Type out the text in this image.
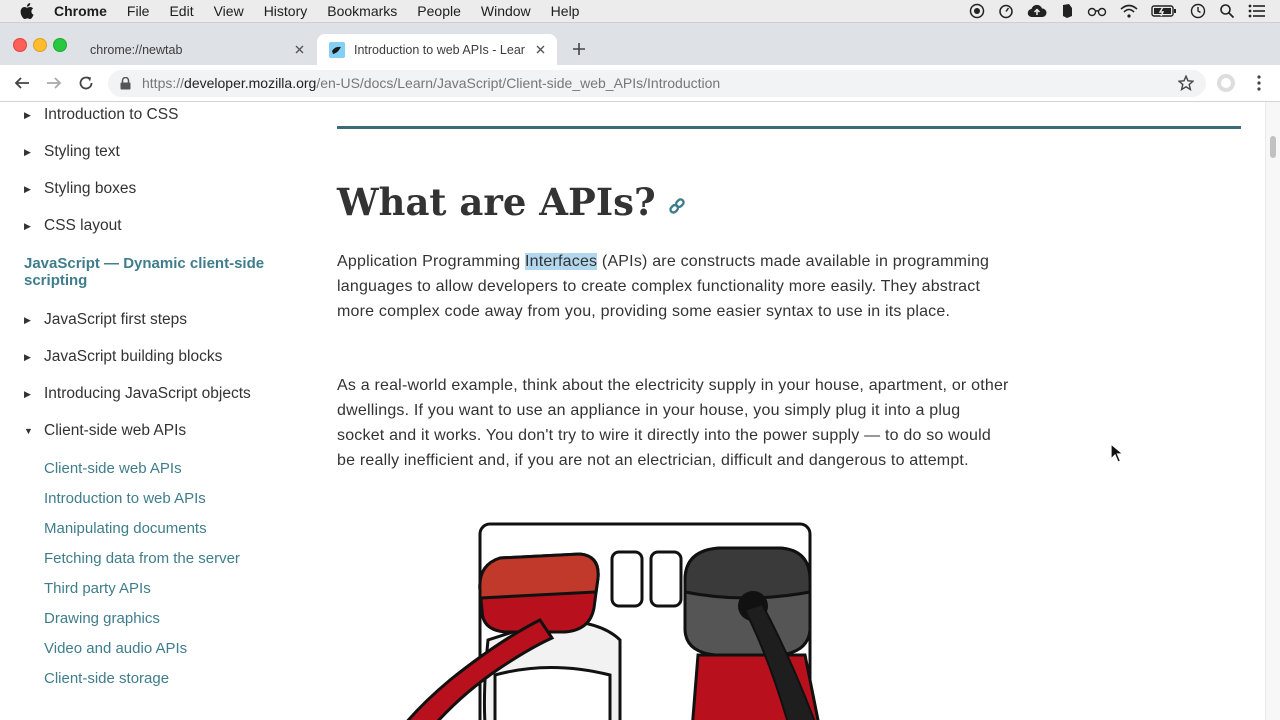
Chrome File Edit View History Bookmarks People Window Help
chrome://newtab	Introduction to web APIs - Lear
https://developer.mozilla.org/en-US/docs/Learn/JavaScript/Client-side_web_APIs/Introduction
▶ Introduction to CSS
▶ Styling text
▶ Styling boxes
▶ CSS layout
JavaScript — Dynamic client-side scripting
▶ JavaScript first steps
▶ JavaScript building blocks
▶ Introducing JavaScript objects
▼ Client-side web APIs
Client-side web APIs
Introduction to web APIs
Manipulating documents
Fetching data from the server
Third party APIs
Drawing graphics
Video and audio APIs
Client-side storage
What are APIs?

Application Programming Interfaces (APIs) are constructs made available in programming languages to allow developers to create complex functionality more easily. They abstract more complex code away from you, providing some easier syntax to use in its place.

As a real-world example, think about the electricity supply in your house, apartment, or other dwellings. If you want to use an appliance in your house, you simply plug it into a plug socket and it works. You don't try to wire it directly into the power supply — to do so would be really inefficient and, if you are not an electrician, difficult and dangerous to attempt.
